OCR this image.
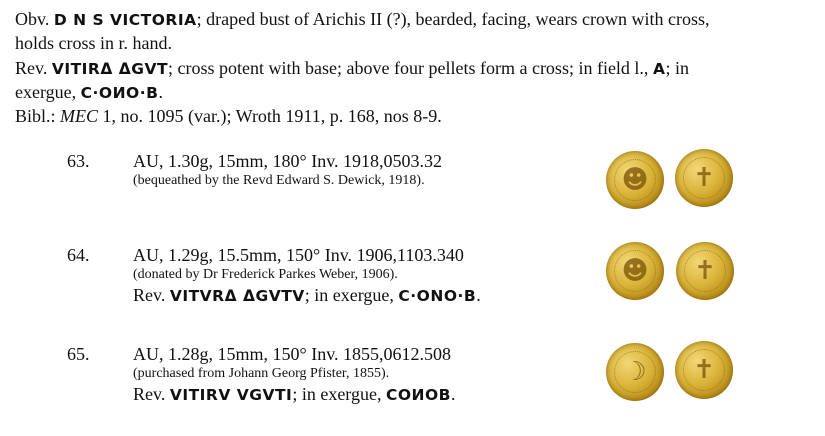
Obv. D N S VICTORIA; draped bust of Arichis II (?), bearded, facing, wears crown with cross,
holds cross in r. hand.
Rev. VITIRΔ ΔGVT; cross potent with base; above four pellets form a cross; in field l., A; in
exergue, C·OИO·B.
Bibl.: MEC 1, no. 1095 (var.); Wroth 1911, p. 168, nos 8-9.
63. AU, 1.30g, 15mm, 180° Inv. 1918,0503.32
(bequeathed by the Revd Edward S. Dewick, 1918).	☻ ✝
64. AU, 1.29g, 15.5mm, 150° Inv. 1906,1103.340
(donated by Dr Frederick Parkes Weber, 1906).
Rev. VITVRΔ ΔGVTV; in exergue, C·ONO·B.
☻ ✝
65. AU, 1.28g, 15mm, 150° Inv. 1855,0612.508
(purchased from Johann Georg Pfister, 1855).
Rev. VITIRV VGVTI; in exergue, COИOB.
☽ ✝
